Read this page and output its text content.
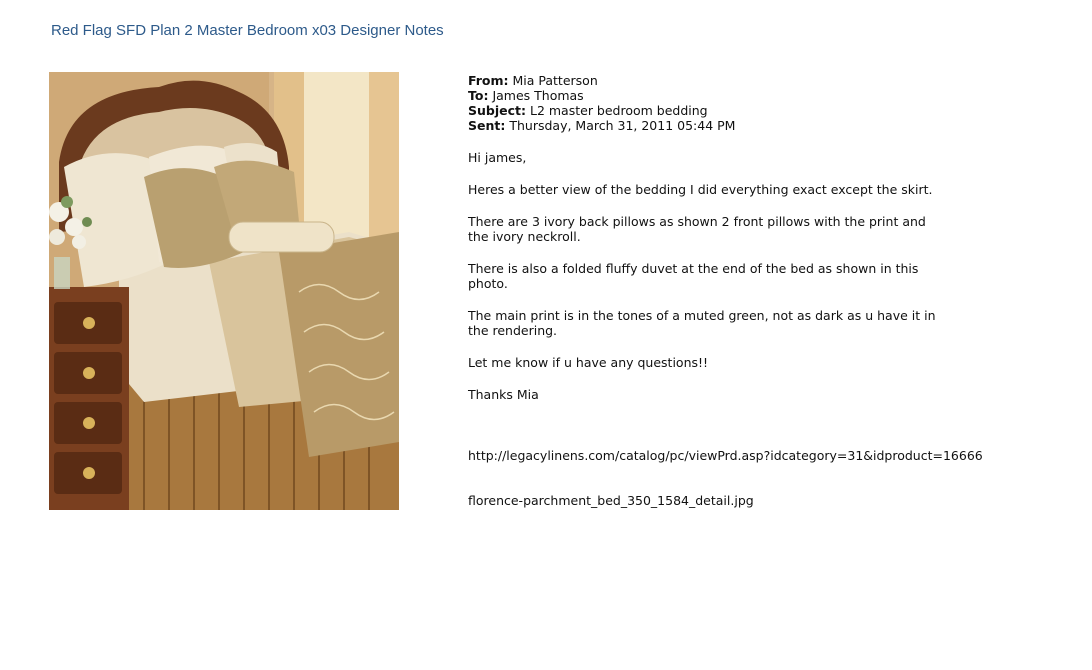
Red Flag SFD Plan 2 Master Bedroom x03 Designer Notes
From: Mia Patterson
To: James Thomas
Subject: L2 master bedroom bedding
Sent: Thursday, March 31, 2011 05:44 PM

Hi james,

Heres a better view of the bedding I did everything exact except the skirt.

There are 3 ivory back pillows as shown 2 front pillows with the print and the ivory neckroll.

There is also a folded fluffy duvet at the end of the bed as shown in this photo.

The main print is in the tones of a muted green, not as dark as u have it in the rendering.

Let me know if u have any questions!!

Thanks Mia

http://legacylinens.com/catalog/pc/viewPrd.asp?idcategory=31&idproduct=16666
florence-parchment_bed_350_1584_detail.jpg
